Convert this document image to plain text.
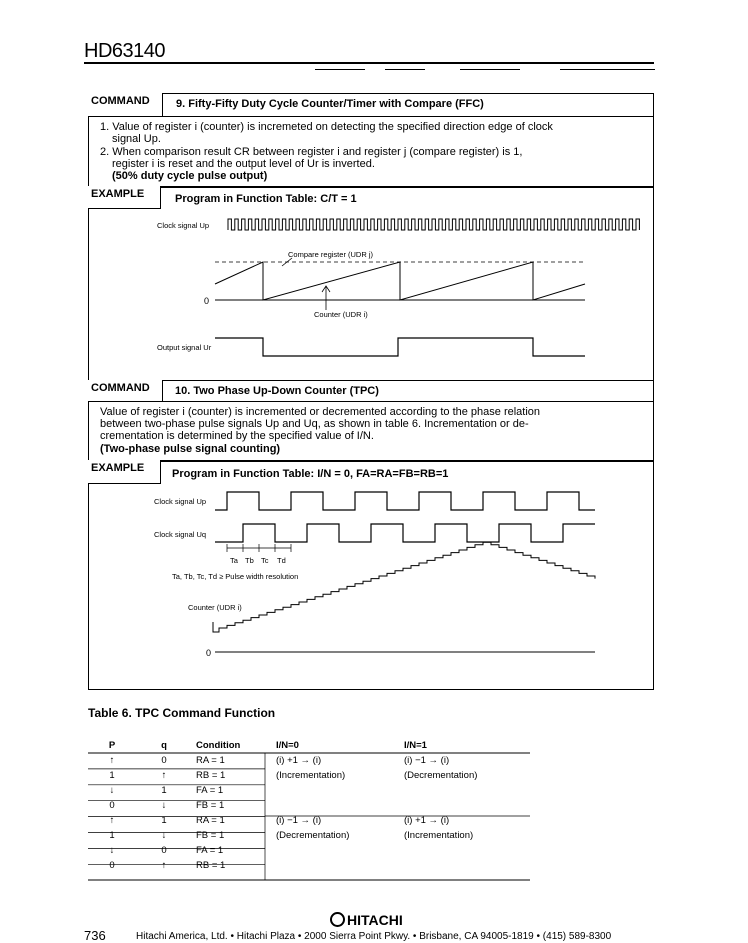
HD63140
COMMAND	9. Fifty-Fifty Duty Cycle Counter/Timer with Compare (FFC)
1. Value of register i (counter) is incremeted on detecting the specified direction edge of clock
signal Up.
2. When comparison result CR between register i and register j (compare register) is 1,
register i is reset and the output level of Ur is inverted.
(50% duty cycle pulse output)
EXAMPLE	Program in Function Table: C/T = 1
Clock signal Up
Compare register (UDR j)
0
Counter (UDR i)
Output signal Ur
COMMAND	10. Two Phase Up-Down Counter (TPC)
Value of register i (counter) is incremented or decremented according to the phase relation
between two-phase pulse signals Up and Uq, as shown in table 6. Incrementation or de-
crementation is determined by the specified value of I/N.
(Two-phase pulse signal counting)
EXAMPLE	Program in Function Table: I/N = 0, FA=RA=FB=RB=1
Clock signal Up
Clock signal Uq
Ta Tb Tc Td
Ta, Tb, Tc, Td ≥ Pulse width resolution
Counter (UDR i)
0
Table 6. TPC Command Function
P	q	Condition	I/N=0	I/N=1
↑	0	RA = 1	(i) +1 → (i)	(i) −1 → (i)
1	↑	RB = 1	(Incrementation)	(Decrementation)
↓	1	FA = 1		
0	↓	FB = 1		
↑	1	RA = 1	(i) −1 → (i)	(i) +1 → (i)
1	↓	FB = 1	(Decrementation)	(Incrementation)
↓	0	FA = 1		
0	↑	RB = 1		
736
HITACHI
Hitachi America, Ltd. • Hitachi Plaza • 2000 Sierra Point Pkwy. • Brisbane, CA 94005-1819 • (415) 589-8300
